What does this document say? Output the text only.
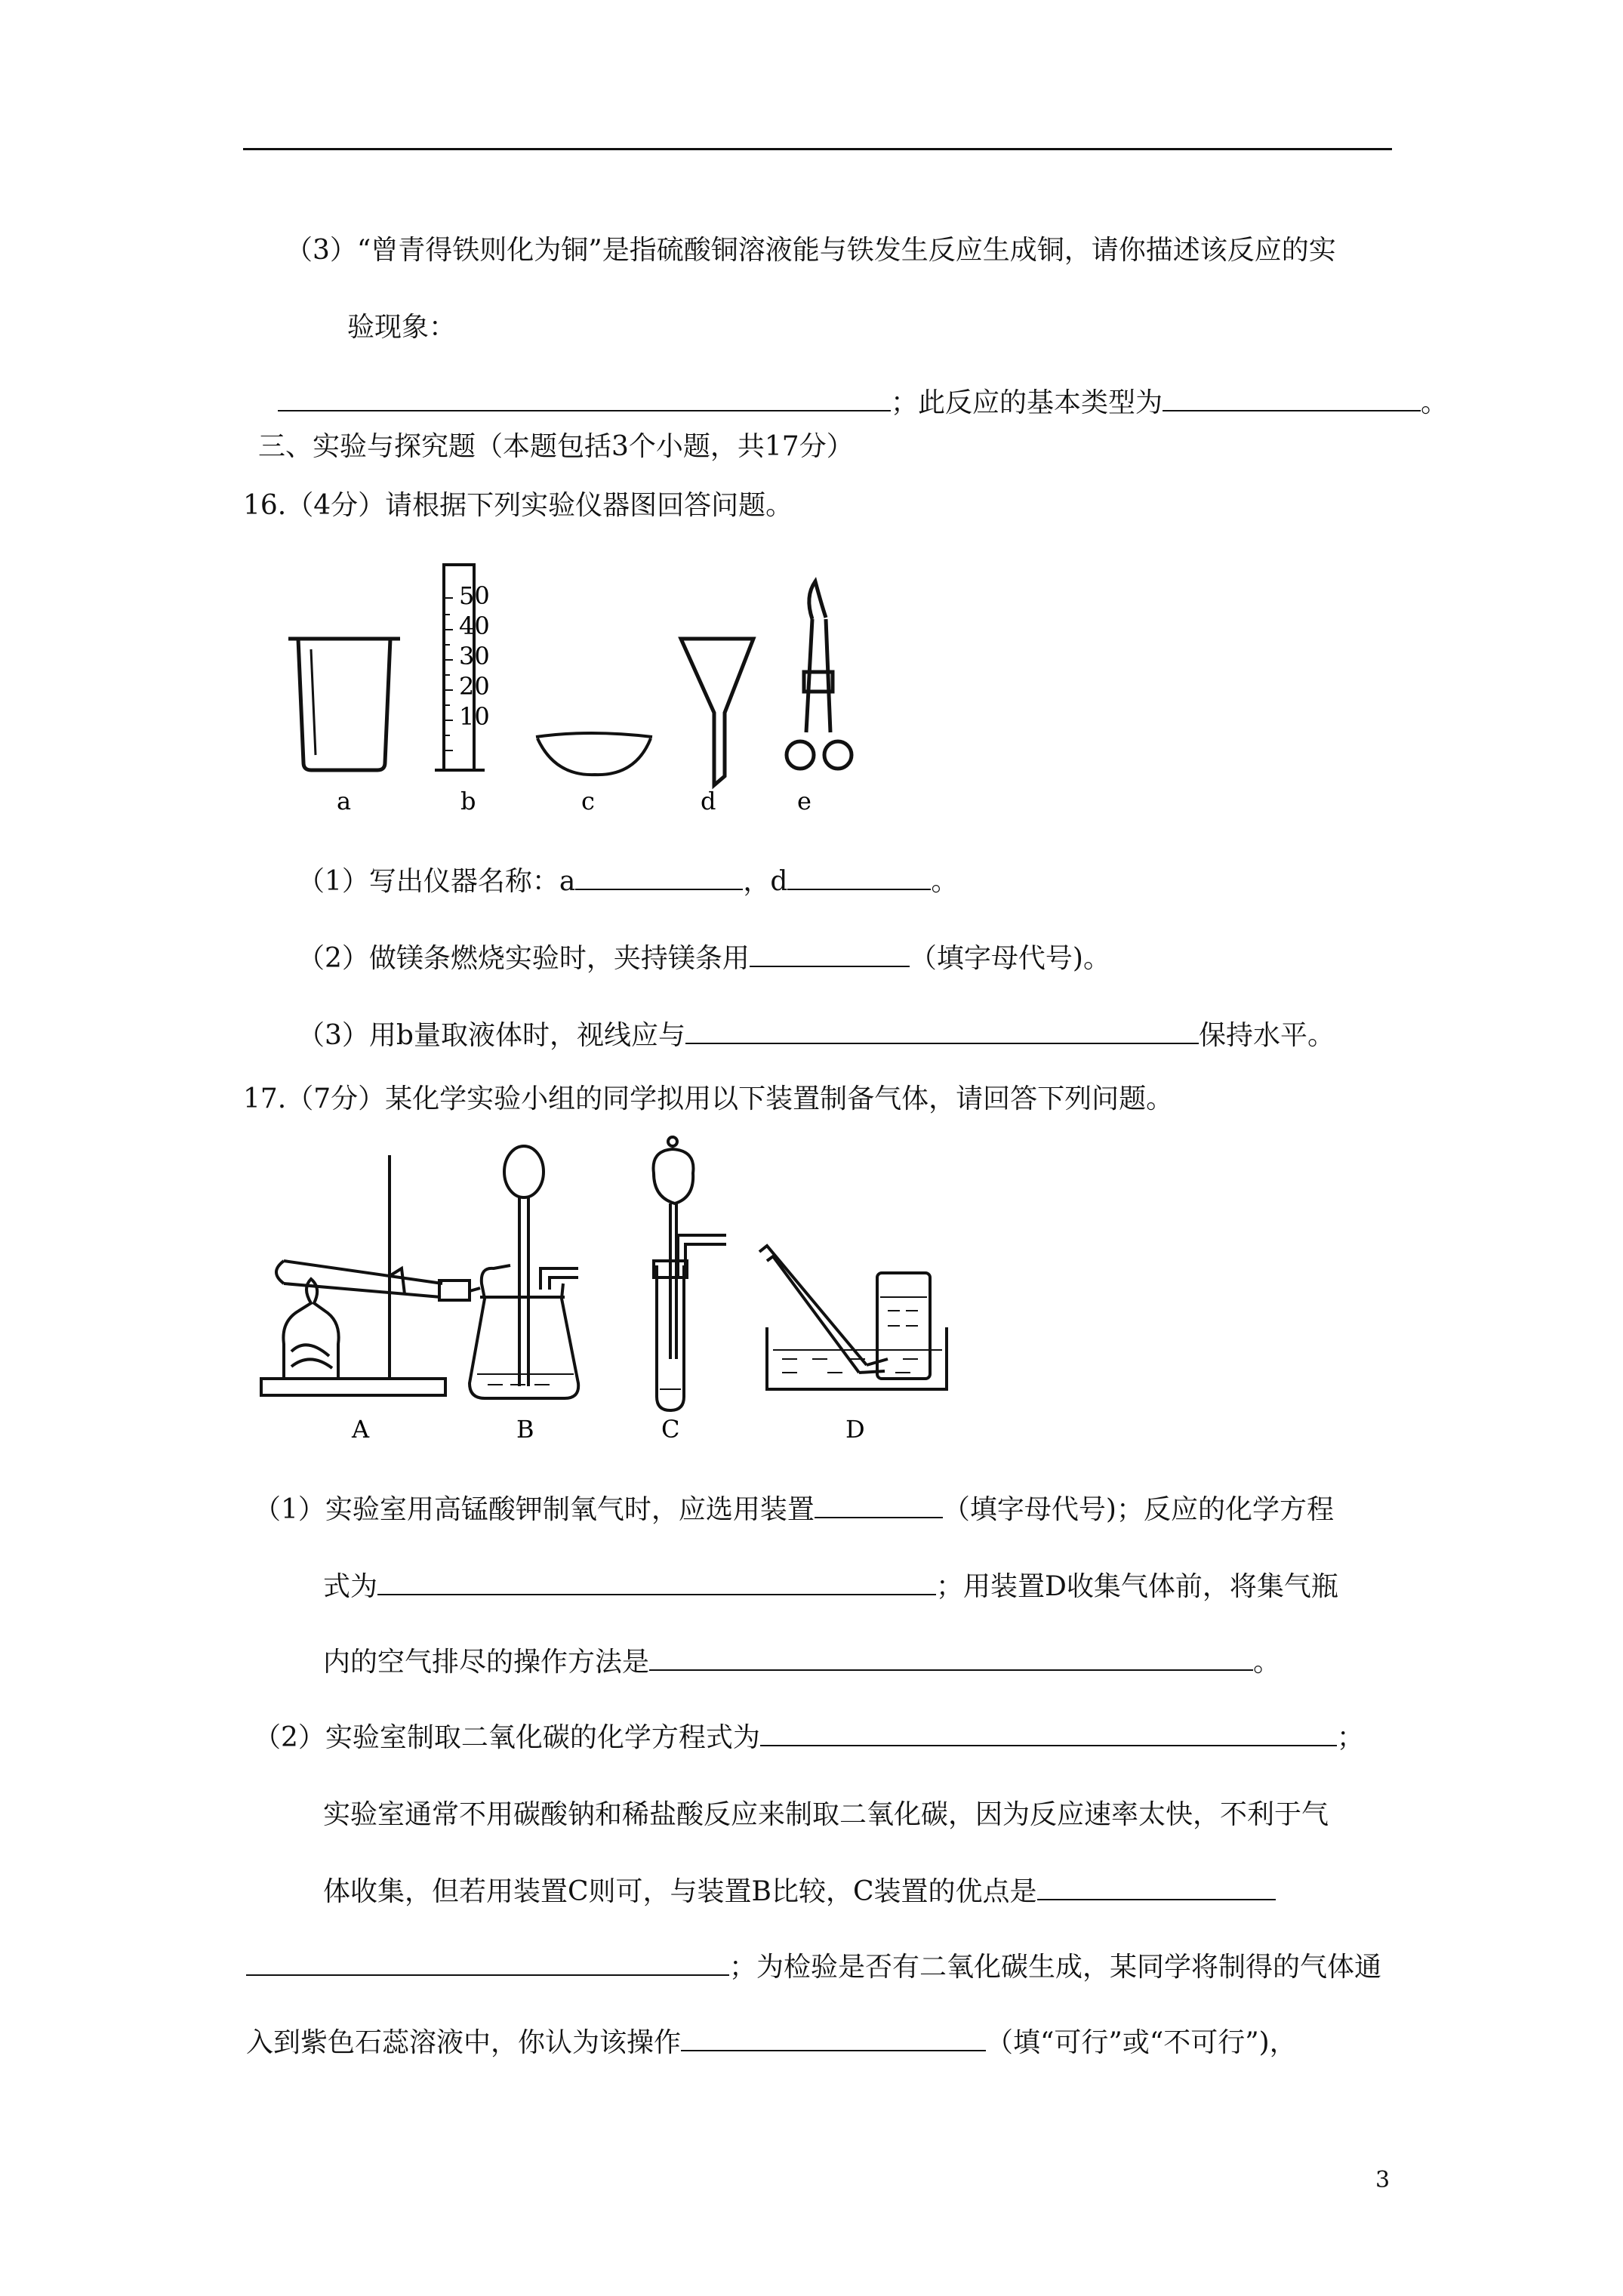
（3）“曾青得铁则化为铜”是指硫酸铜溶液能与铁发生反应生成铜，请你描述该反应的实
验现象：
；此反应的基本类型为	。
三、实验与探究题（本题包括3个小题，共17分）
16.（4分）请根据下列实验仪器图回答问题。
50
40
30
20
10
a	b	c	d	e
（1）写出仪器名称：a	，d	。
（2）做镁条燃烧实验时，夹持镁条用	（填字母代号)。
（3）用b量取液体时，视线应与	保持水平。
17.（7分）某化学实验小组的同学拟用以下装置制备气体，请回答下列问题。
A	B	C	D
（1）实验室用高锰酸钾制氧气时，应选用装置	（填字母代号)；反应的化学方程
式为	；用装置D收集气体前，将集气瓶
内的空气排尽的操作方法是	。
（2）实验室制取二氧化碳的化学方程式为	；
实验室通常不用碳酸钠和稀盐酸反应来制取二氧化碳，因为反应速率太快，不利于气
体收集，但若用装置C则可，与装置B比较，C装置的优点是
；为检验是否有二氧化碳生成，某同学将制得的气体通
入到紫色石蕊溶液中，你认为该操作	（填“可行”或“不可行”)，
3
